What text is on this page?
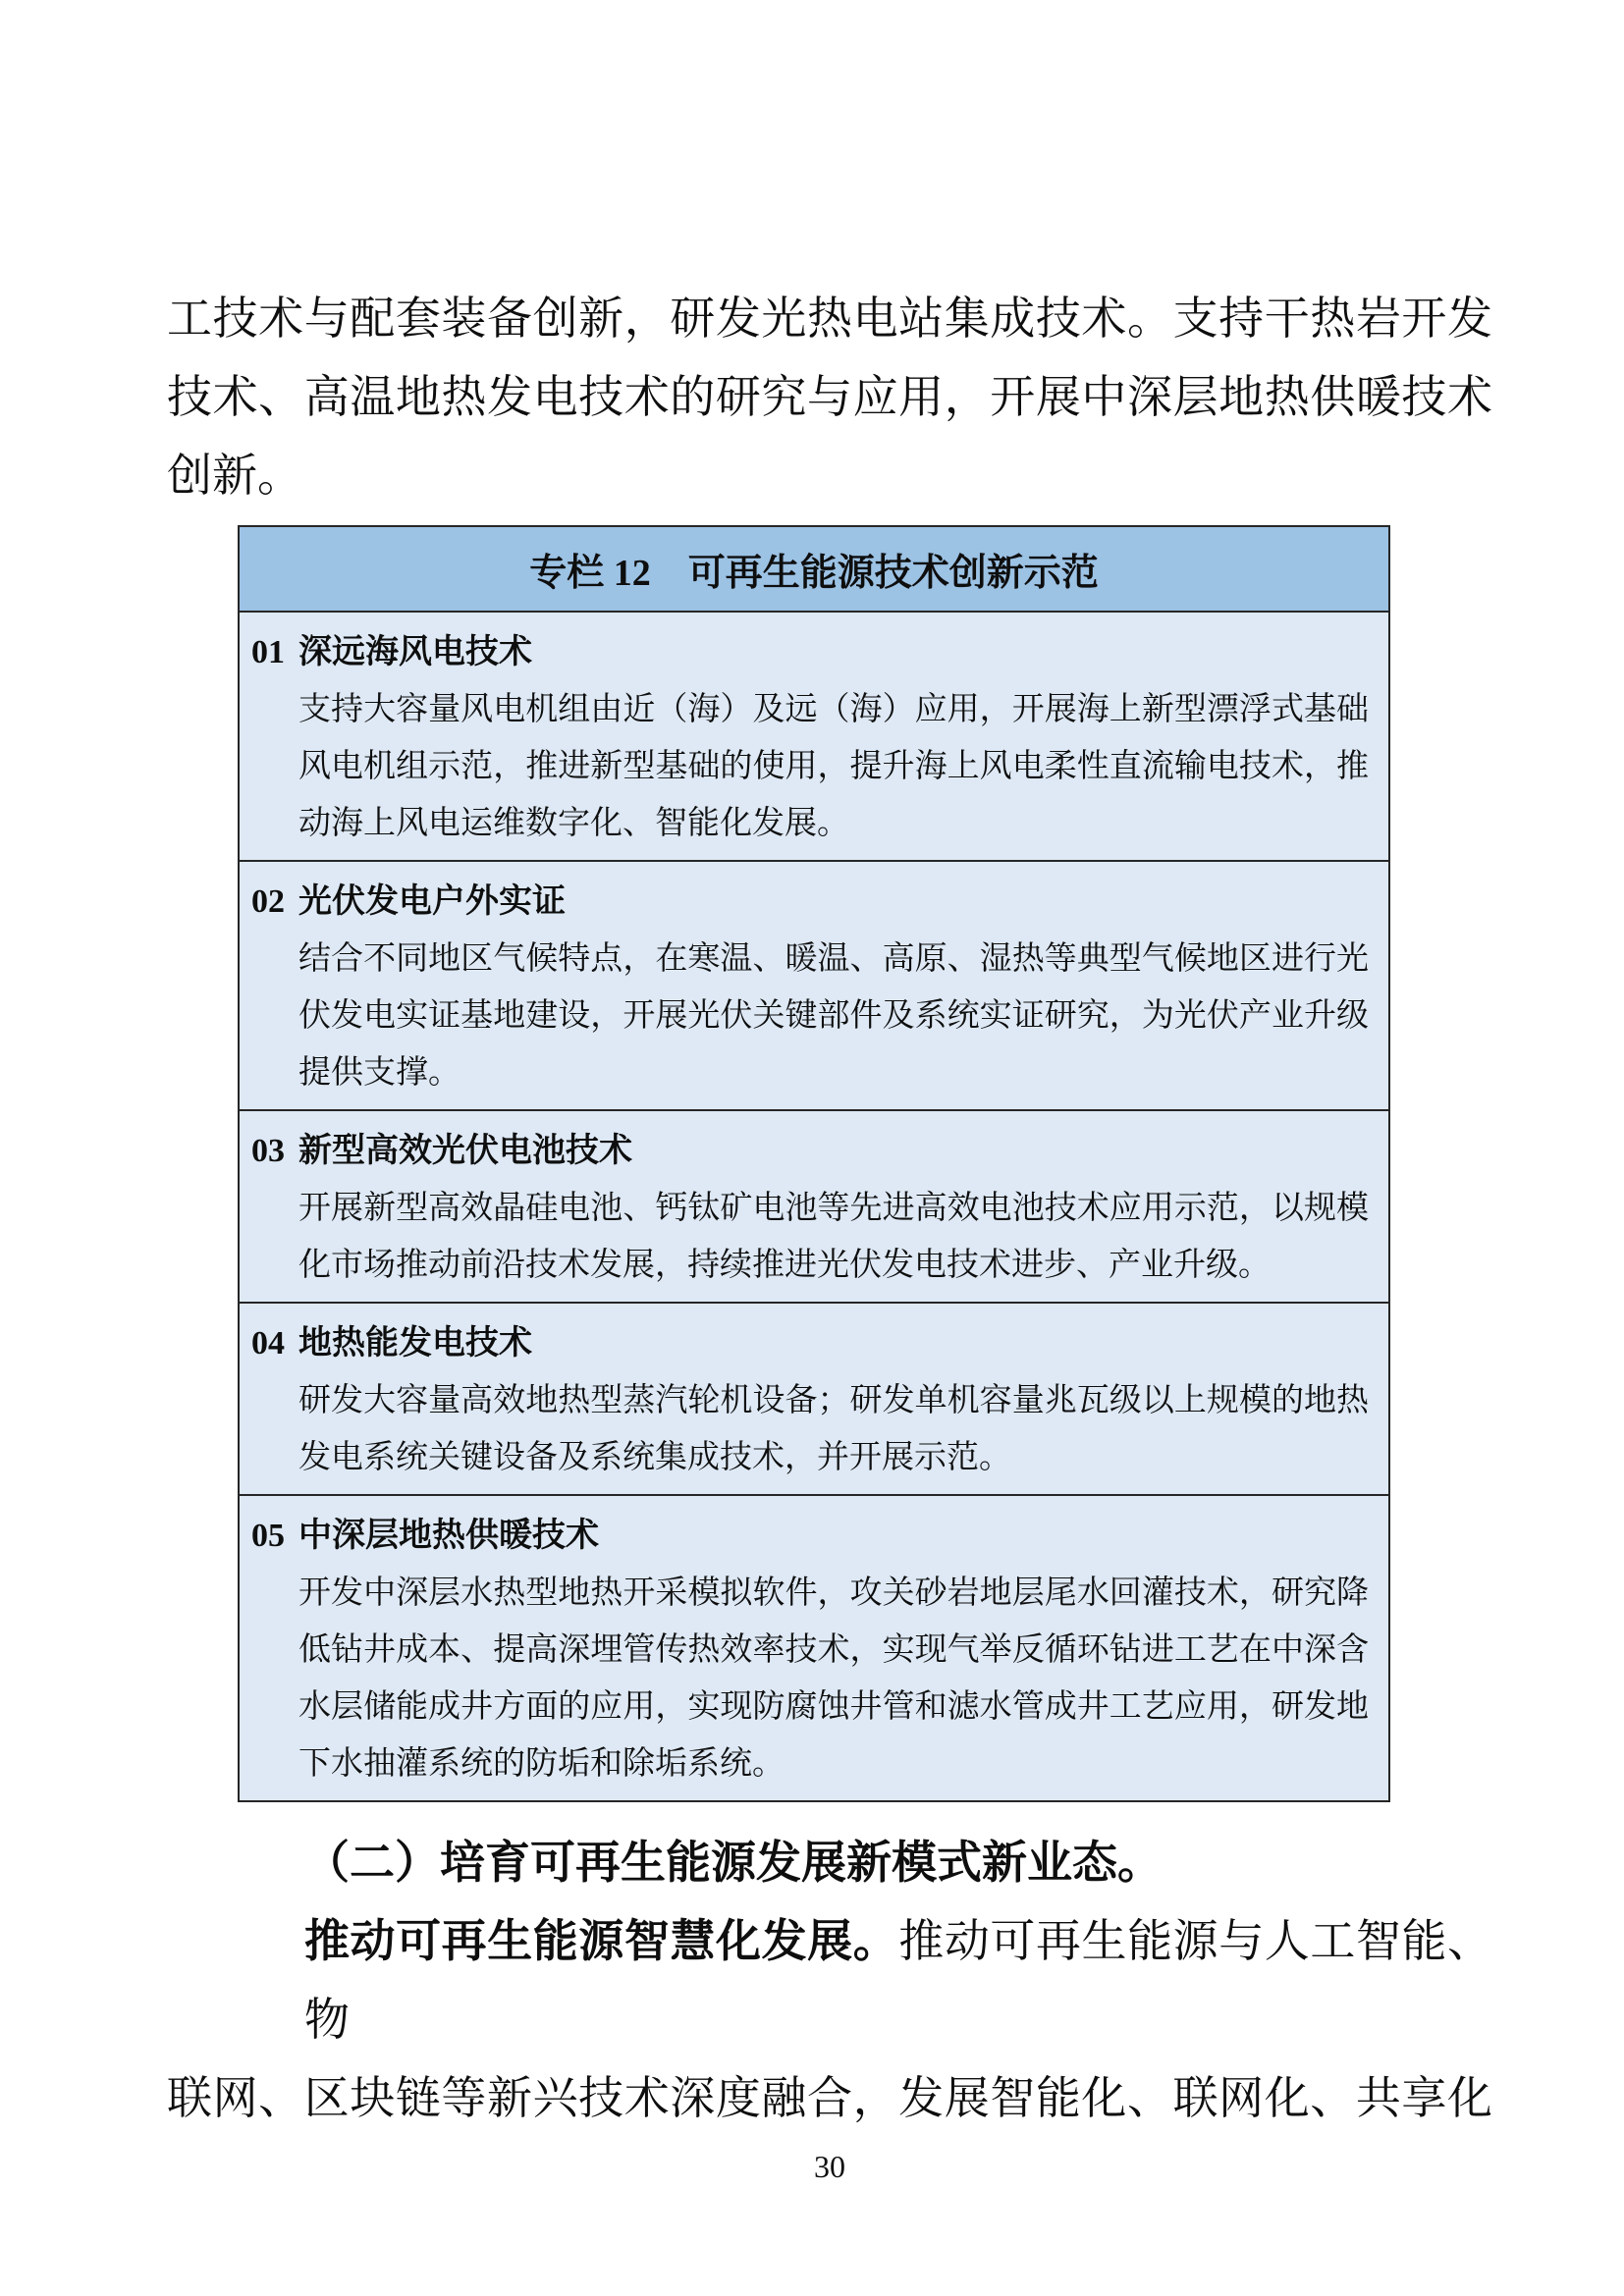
工技术与配套装备创新，研发光热电站集成技术。支持干热岩开发
技术、高温地热发电技术的研究与应用，开展中深层地热供暖技术
创新。
专栏 12　可再生能源技术创新示范
01 深远海风电技术
支持大容量风电机组由近（海）及远（海）应用，开展海上新型漂浮式基础
风电机组示范，推进新型基础的使用，提升海上风电柔性直流输电技术，推
动海上风电运维数字化、智能化发展。
02 光伏发电户外实证
结合不同地区气候特点，在寒温、暖温、高原、湿热等典型气候地区进行光
伏发电实证基地建设，开展光伏关键部件及系统实证研究，为光伏产业升级
提供支撑。
03 新型高效光伏电池技术
开展新型高效晶硅电池、钙钛矿电池等先进高效电池技术应用示范，以规模
化市场推动前沿技术发展，持续推进光伏发电技术进步、产业升级。
04 地热能发电技术
研发大容量高效地热型蒸汽轮机设备；研发单机容量兆瓦级以上规模的地热
发电系统关键设备及系统集成技术，并开展示范。
05 中深层地热供暖技术
开发中深层水热型地热开采模拟软件，攻关砂岩地层尾水回灌技术，研究降
低钻井成本、提高深埋管传热效率技术，实现气举反循环钻进工艺在中深含
水层储能成井方面的应用，实现防腐蚀井管和滤水管成井工艺应用，研发地
下水抽灌系统的防垢和除垢系统。
（二）培育可再生能源发展新模式新业态。
推动可再生能源智慧化发展。推动可再生能源与人工智能、物
联网、区块链等新兴技术深度融合，发展智能化、联网化、共享化
30
